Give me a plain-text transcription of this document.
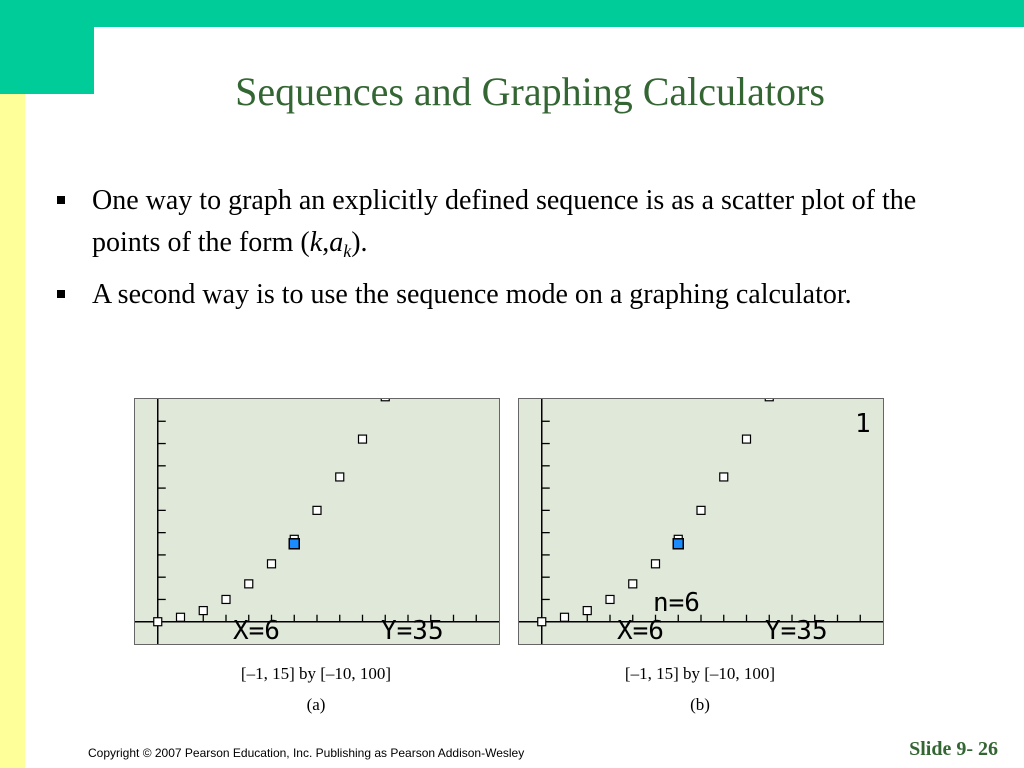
Sequences and Graphing Calculators
One way to graph an explicitly defined sequence is as a scatter plot of the points of the form $(k,a_k)$.
A second way is to use the sequence mode on a graphing calculator.
X=6	Y=35	X=6	Y=35
n=6
1
[–1, 15] by [–10, 100]
(a)
[–1, 15] by [–10, 100]
(b)
Copyright © 2007 Pearson Education, Inc. Publishing as Pearson Addison-Wesley	Slide 9- 26
